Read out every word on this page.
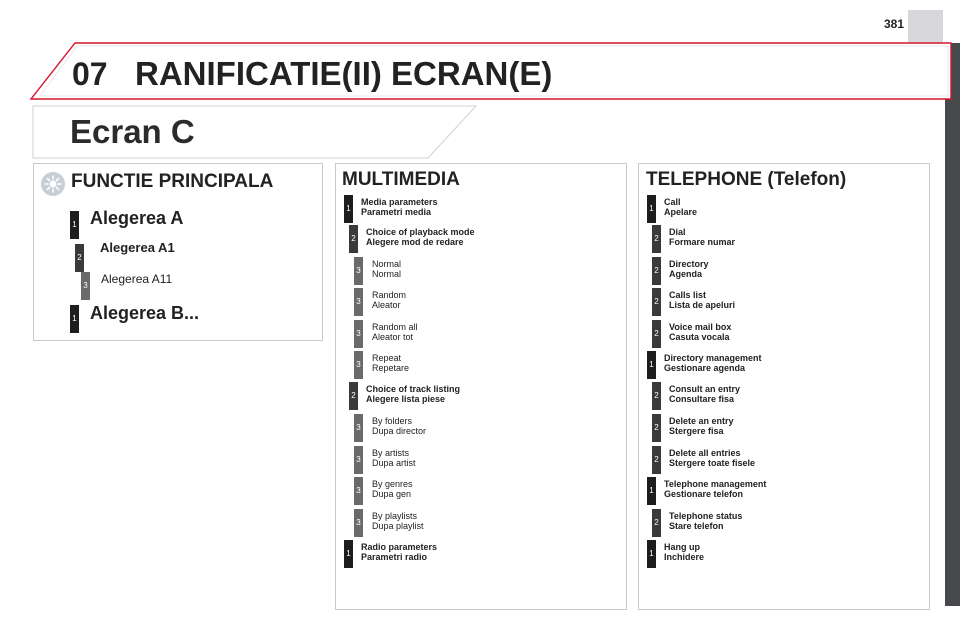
381
07 RANIFICATIE(II) ECRAN(E)
Ecran C
FUNCTIE PRINCIPALA
1 Alegerea A
2
Alegerea A1
3 Alegerea A11
1 Alegerea B...
MULTIMEDIA
1
Media parameters
Parametri media
2
Choice of playback mode
Alegere mod de redare
3
Normal
Normal
3
Random
Aleator
3
Random all
Aleator tot
3
Repeat
Repetare
2
Choice of track listing
Alegere lista piese
3
By folders
Dupa director
3
By artists
Dupa artist
3
By genres
Dupa gen
3
By playlists
Dupa playlist
1
Radio parameters
Parametri radio
TELEPHONE (Telefon)
1
Call
Apelare
2
Dial
Formare numar
2
Directory
Agenda
2
Calls list
Lista de apeluri
2
Voice mail box
Casuta vocala
1
Directory management
Gestionare agenda
2
Consult an entry
Consultare fisa
2
Delete an entry
Stergere fisa
2
Delete all entries
Stergere toate fisele
1
Telephone management
Gestionare telefon
2
Telephone status
Stare telefon
1
Hang up
Inchidere
